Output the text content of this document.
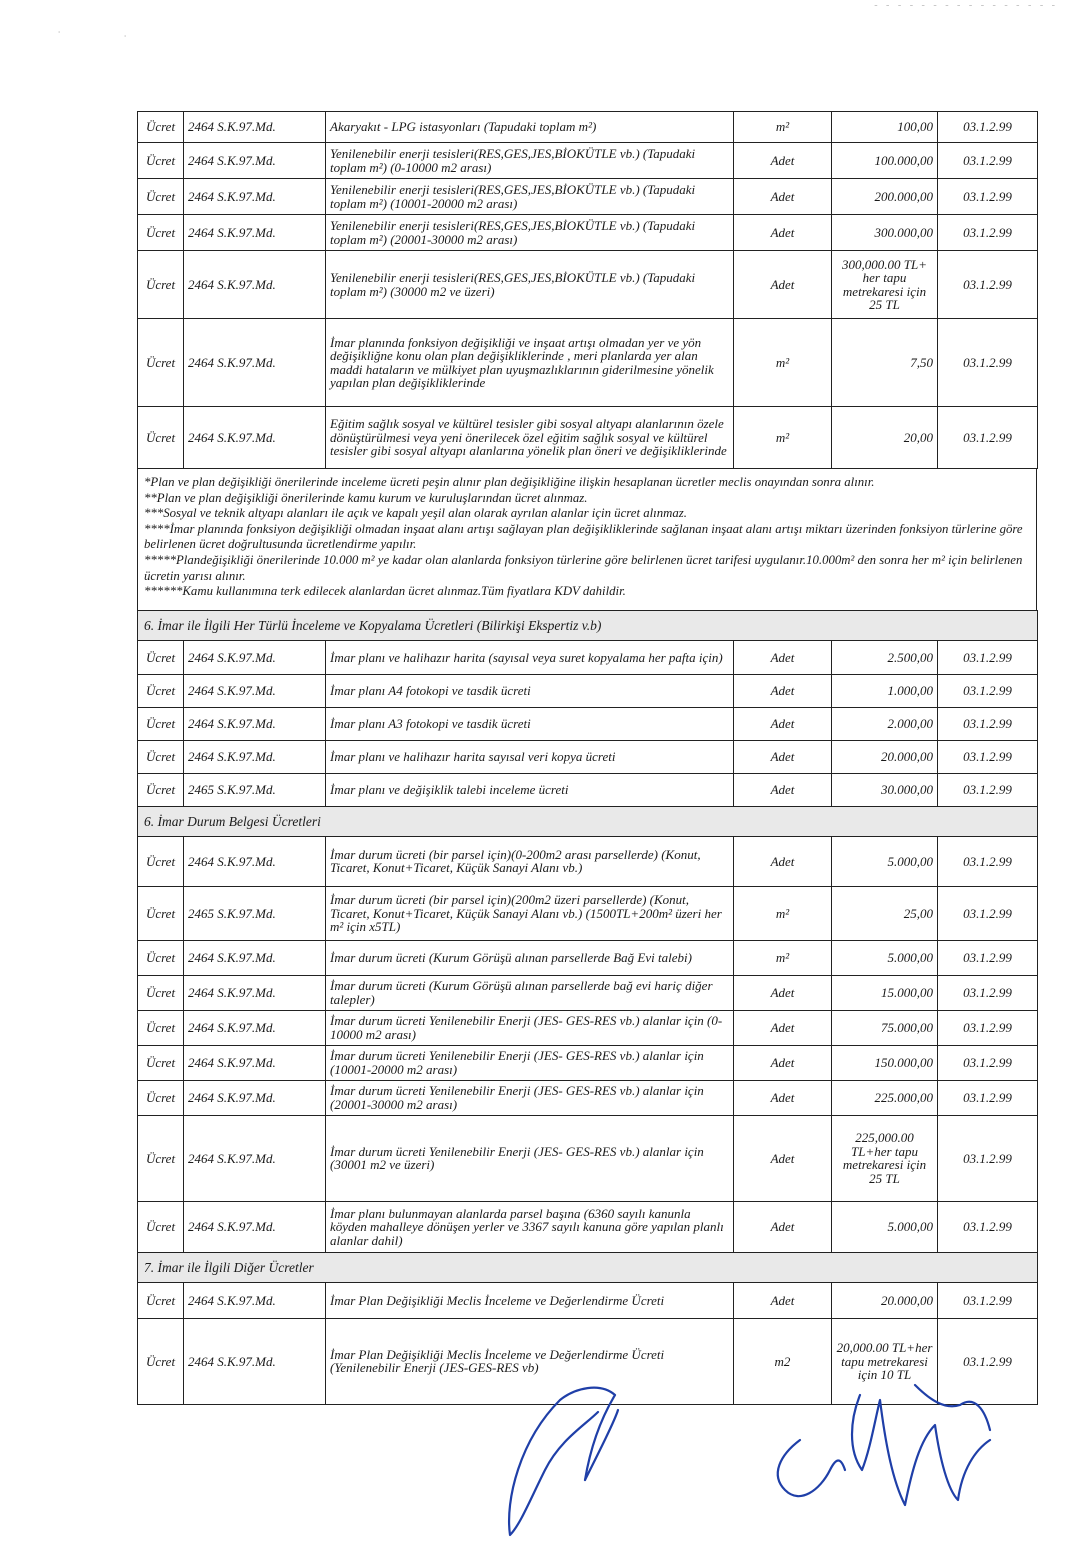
- - - - - - - - - - - - - - - -
·	·
Ücret	2464 S.K.97.Md.	Akaryakıt - LPG istasyonları (Tapudaki toplam m²)	m²	100,00	03.1.2.99
Ücret	2464 S.K.97.Md.	Yenilenebilir enerji tesisleri(RES,GES,JES,BİOKÜTLE vb.) (Tapudaki toplam m²) (0-10000 m2 arası)	Adet	100.000,00	03.1.2.99
Ücret	2464 S.K.97.Md.	Yenilenebilir enerji tesisleri(RES,GES,JES,BİOKÜTLE vb.) (Tapudaki toplam m²) (10001-20000 m2 arası)	Adet	200.000,00	03.1.2.99
Ücret	2464 S.K.97.Md.	Yenilenebilir enerji tesisleri(RES,GES,JES,BİOKÜTLE vb.) (Tapudaki toplam m²) (20001-30000 m2 arası)	Adet	300.000,00	03.1.2.99
Ücret	2464 S.K.97.Md.	Yenilenebilir enerji tesisleri(RES,GES,JES,BİOKÜTLE vb.) (Tapudaki toplam m²) (30000 m2 ve üzeri)	Adet	300,000.00 TL+ her tapu metrekaresi için 25 TL	03.1.2.99
Ücret	2464 S.K.97.Md.	İmar planında fonksiyon değişikliği ve inşaat artışı olmadan yer ve yön değişikliğne konu olan plan değişikliklerinde , meri planlarda yer alan maddi hataların ve mülkiyet plan uyuşmazlıklarının giderilmesine yönelik yapılan plan değişikliklerinde	m²	7,50	03.1.2.99
Ücret	2464 S.K.97.Md.	Eğitim sağlık sosyal ve kültürel tesisler gibi sosyal altyapı alanlarının özele dönüştürülmesi veya yeni önerilecek özel eğitim sağlık sosyal ve kültürel tesisler gibi sosyal altyapı alanlarına yönelik plan öneri ve değişikliklerinde	m²	20,00	03.1.2.99

*Plan ve plan değişikliği önerilerinde inceleme ücreti peşin alınır plan değişikliğine ilişkin hesaplanan ücretler meclis onayından sonra alınır.

**Plan ve plan değişikliği önerilerinde kamu kurum ve kuruluşlarından ücret alınmaz.

***Sosyal ve teknik altyapı alanları ile açık ve kapalı yeşil alan olarak ayrılan alanlar için ücret alınmaz.

****İmar planında fonksiyon değişikliği olmadan inşaat alanı artışı sağlayan plan değişikliklerinde sağlanan inşaat alanı artışı miktarı üzerinden fonksiyon türlerine göre belirlenen ücret doğrultusunda ücretlendirme yapılır.

*****Plandeğişikliği önerilerinde 10.000 m² ye kadar olan alanlarda fonksiyon türlerine göre belirlenen ücret tarifesi uygulanır.10.000m² den sonra her m² için belirlenen ücretin yarısı alınır.

******Kamu kullanımına terk edilecek alanlardan ücret alınmaz.Tüm fiyatlara KDV dahildir.

6. İmar ile İlgili Her Türlü İnceleme ve Kopyalama Ücretleri (Bilirkişi Ekspertiz v.b)					
Ücret	2464 S.K.97.Md.	İmar planı ve halihazır harita (sayısal veya suret kopyalama her pafta için)	Adet	2.500,00	03.1.2.99
Ücret	2464 S.K.97.Md.	İmar planı A4 fotokopi ve tasdik ücreti	Adet	1.000,00	03.1.2.99
Ücret	2464 S.K.97.Md.	İmar planı A3 fotokopi ve tasdik ücreti	Adet	2.000,00	03.1.2.99
Ücret	2464 S.K.97.Md.	İmar planı ve halihazır harita sayısal veri kopya ücreti	Adet	20.000,00	03.1.2.99
Ücret	2465 S.K.97.Md.	İmar planı ve değişiklik talebi inceleme ücreti	Adet	30.000,00	03.1.2.99
6. İmar Durum Belgesi Ücretleri					
Ücret	2464 S.K.97.Md.	İmar durum ücreti (bir parsel için)(0-200m2 arası parsellerde) (Konut, Ticaret, Konut+Ticaret, Küçük Sanayi Alanı vb.)	Adet	5.000,00	03.1.2.99
Ücret	2465 S.K.97.Md.	İmar durum ücreti (bir parsel için)(200m2 üzeri parsellerde) (Konut, Ticaret, Konut+Ticaret, Küçük Sanayi Alanı vb.) (1500TL+200m² üzeri her m² için x5TL)	m²	25,00	03.1.2.99
Ücret	2464 S.K.97.Md.	İmar durum ücreti (Kurum Görüşü alınan parsellerde Bağ Evi talebi)	m²	5.000,00	03.1.2.99
Ücret	2464 S.K.97.Md.	İmar durum ücreti (Kurum Görüşü alınan parsellerde bağ evi hariç diğer talepler)	Adet	15.000,00	03.1.2.99
Ücret	2464 S.K.97.Md.	İmar durum ücreti Yenilenebilir Enerji (JES- GES-RES vb.) alanlar için (0-10000 m2 arası)	Adet	75.000,00	03.1.2.99
Ücret	2464 S.K.97.Md.	İmar durum ücreti Yenilenebilir Enerji (JES- GES-RES vb.) alanlar için (10001-20000 m2 arası)	Adet	150.000,00	03.1.2.99
Ücret	2464 S.K.97.Md.	İmar durum ücreti Yenilenebilir Enerji (JES- GES-RES vb.) alanlar için (20001-30000 m2 arası)	Adet	225.000,00	03.1.2.99
Ücret	2464 S.K.97.Md.	İmar durum ücreti Yenilenebilir Enerji (JES- GES-RES vb.) alanlar için (30001 m2 ve üzeri)	Adet	225,000.00 TL+her tapu metrekaresi için 25 TL	03.1.2.99
Ücret	2464 S.K.97.Md.	İmar planı bulunmayan alanlarda parsel başına (6360 sayılı kanunla köyden mahalleye dönüşen yerler ve 3367 sayılı kanuna göre yapılan planlı alanlar dahil)	Adet	5.000,00	03.1.2.99
7. İmar ile İlgili Diğer Ücretler					
Ücret	2464 S.K.97.Md.	İmar Plan Değişikliği Meclis İnceleme ve Değerlendirme Ücreti	Adet	20.000,00	03.1.2.99
Ücret	2464 S.K.97.Md.	İmar Plan Değişikliği Meclis İnceleme ve Değerlendirme Ücreti (Yenilenebilir Enerji (JES-GES-RES vb)	m2	20,000.00 TL+her tapu metrekaresi için 10 TL	03.1.2.99
